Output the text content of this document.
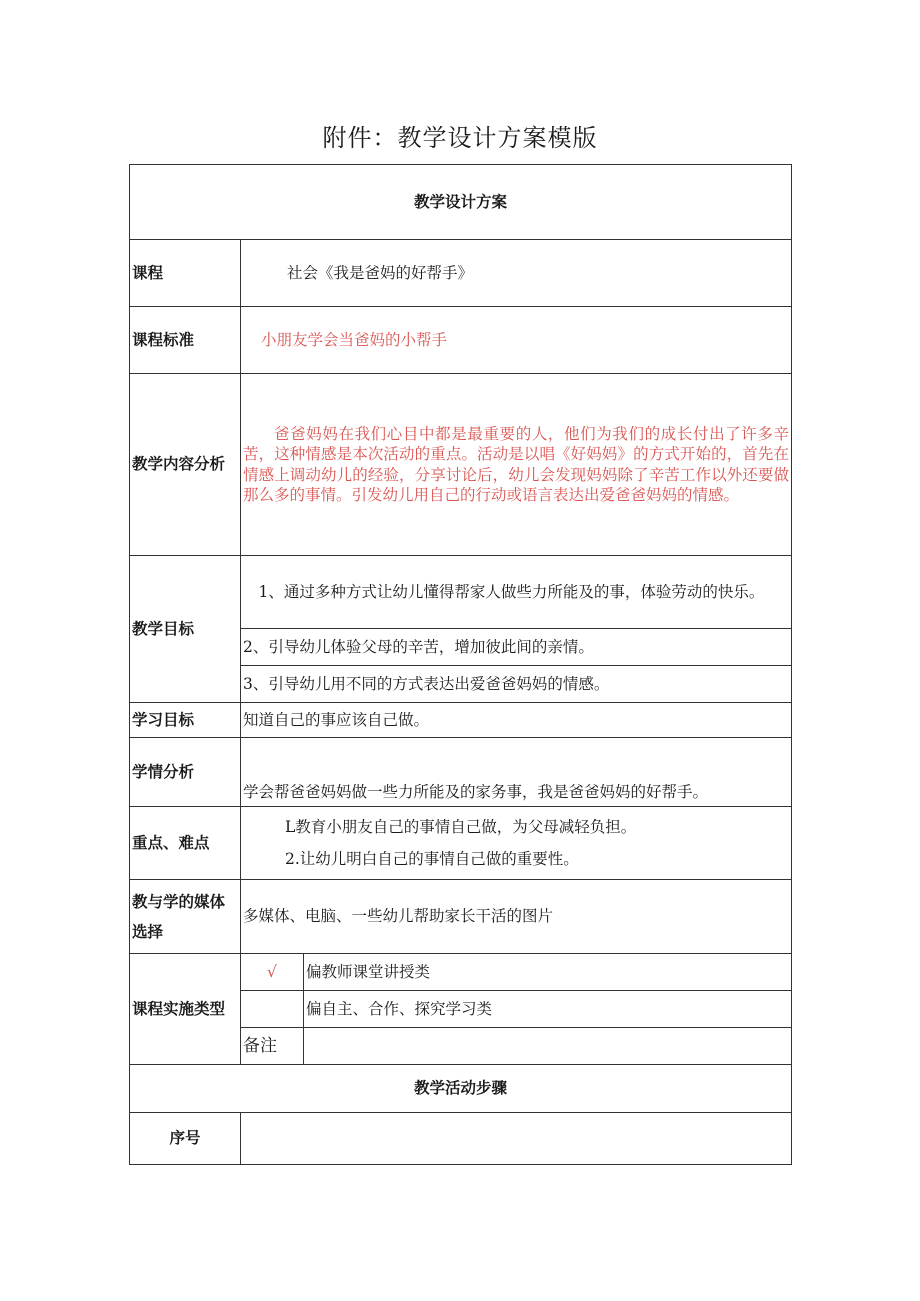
附件：教学设计方案模版
教学设计方案		
课程	社会《我是爸妈的好帮手》	
课程标准	小朋友学会当爸妈的小帮手	
教学内容分析	爸爸妈妈在我们心目中都是最重要的人，他们为我们的成长付出了许多辛苦，这种情感是本次活动的重点。活动是以唱《好妈妈》的方式开始的，首先在情感上调动幼儿的经验，分享讨论后，幼儿会发现妈妈除了辛苦工作以外还要做那么多的事情。引发幼儿用自己的行动或语言表达出爱爸爸妈妈的情感。	
教学目标	1、通过多种方式让幼儿懂得帮家人做些力所能及的事，体验劳动的快乐。	
	2、引导幼儿体验父母的辛苦，增加彼此间的亲情。	
	3、引导幼儿用不同的方式表达出爱爸爸妈妈的情感。	
学习目标	知道自己的事应该自己做。	
学情分析	学会帮爸爸妈妈做一些力所能及的家务事，我是爸爸妈妈的好帮手。	
重点、难点	L教育小朋友自己的事情自己做，为父母减轻负担。
2.让幼儿明白自己的事情自己做的重要性。	

教与学的媒体选择	多媒体、电脑、一些幼儿帮助家长干活的图片	
课程实施类型	√	偏教师课堂讲授类
		偏自主、合作、探究学习类
	备注	
教学活动步骤		
序号		
